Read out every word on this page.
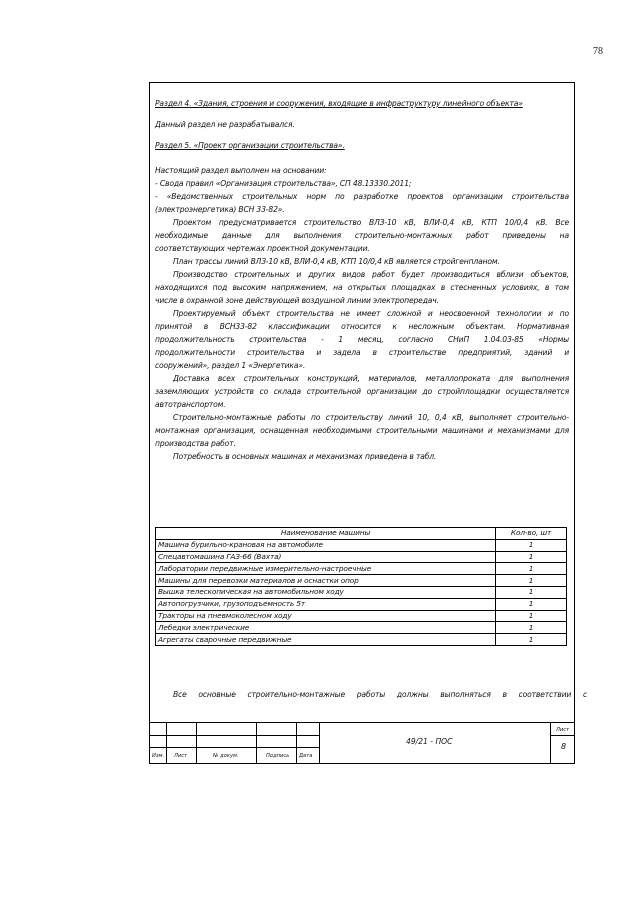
78

Раздел 4. «Здания, строения и сооружения, входящие в инфраструктуру линейного объекта»

Данный раздел не разрабатывался.

Раздел 5. «Проект организации строительства».

Настоящий раздел выполнен на основании:

- Свода правил «Организация строительства», СП 48.13330.2011;

- «Ведомственных строительных норм по разработке проектов организации строительства

(электроэнергетика) ВСН 33-82».

Проектом предусматривается строительство ВЛЗ-10 кВ, ВЛИ-0,4 кВ, КТП 10/0,4 кВ. Все

необходимые данные для выполнения строительно-монтажных работ приведены на

соответствующих чертежах проектной документации.

План трассы линий ВЛЗ-10 кВ, ВЛИ-0,4 кВ, КТП 10/0,4 кВ является стройгенпланом.

Производство строительных и других видов работ будет производиться вблизи объектов,

находящихся под высоким напряжением, на открытых площадках в стесненных условиях, в том

числе в охранной зоне действующей воздушной линии электропередач.

Проектируемый объект строительства не имеет сложной и неосвоенной технологии и по

принятой в ВСН33-82 классификации относится к несложным объектам. Нормативная

продолжительность строительства - 1 месяц, согласно СНиП 1.04.03-85 «Нормы

продолжительности строительства и задела в строительстве предприятий, зданий и

сооружений», раздел 1 «Энергетика».

Доставка всех строительных конструкций, материалов, металлопроката для выполнения

заземляющих устройств со склада строительной организации до стройплощадки осуществляется

автотранспортом.

Строительно-монтажные работы по строительству линий 10, 0,4 кВ, выполняет строительно-

монтажная организация, оснащенная необходимыми строительными машинами и механизмами для

производства работ.

Потребность в основных машинах и механизмах приведена в табл.

Наименование машины	Кол-во, шт
Машина бурильно-крановая на автомобиле	1
Спецавтомашина ГАЗ-66 (Вахта)	1
Лаборатории передвижные измерительно-настроечные	1
Машины для перевозки материалов и оснастки опор	1
Вышка телескопическая на автомобильном ходу	1
Автопогрузчики, грузоподъемность 5т	1
Тракторы на пневмоколесном ходу	1
Лебедки электрические	1
Агрегаты сварочные передвижные	1

Все основные строительно-монтажные работы должны выполняться в соответствии с

Изм. Лист	№ докум.	Подпись Дата
49/21 - ПОС
Лист
8
